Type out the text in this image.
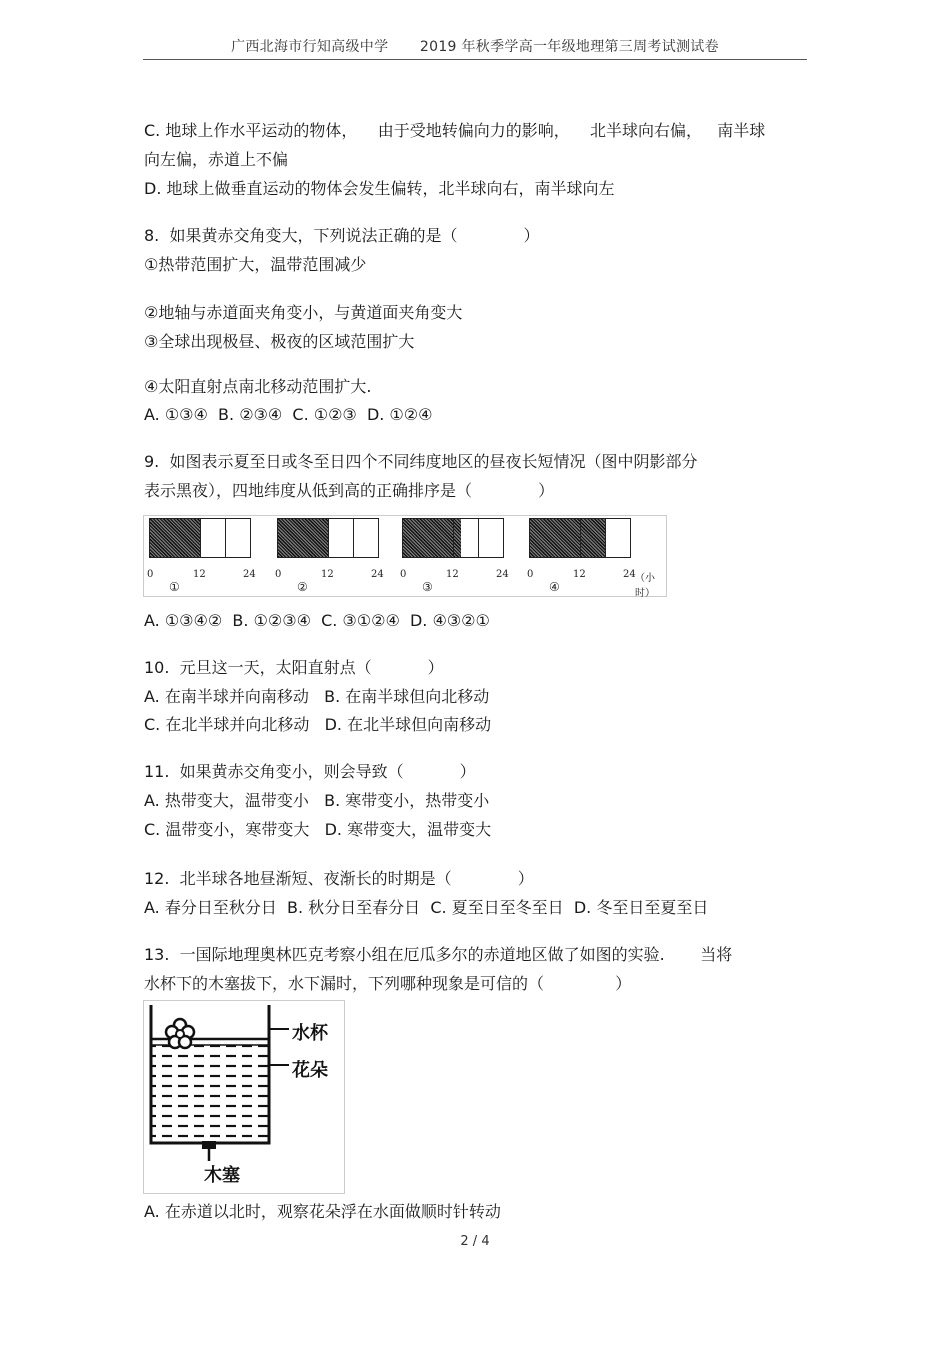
广西北海市行知高级中学 2019 年秋季学高一年级地理第三周考试测试卷
C. 地球上作水平运动的物体，    由于受地转偏向力的影响，    北半球向右偏，   南半球
向左偏，赤道上不偏
D. 地球上做垂直运动的物体会发生偏转，北半球向右，南半球向左
8.  如果黄赤交角变大，下列说法正确的是（             ）
①热带范围扩大，温带范围减少
②地轴与赤道面夹角变小，与黄道面夹角变大
③全球出现极昼、极夜的区域范围扩大
④太阳直射点南北移动范围扩大.
A. ①③④  B. ②③④  C. ①②③  D. ①②④
9.  如图表示夏至日或冬至日四个不同纬度地区的昼夜长短情况（图中阴影部分
表示黑夜），四地纬度从低到高的正确排序是（             ）
0	12	24
①
0	12	24
②
0	12	24
③
0	12	24
④
（小时）
A. ①③④②  B. ①②③④  C. ③①②④  D. ④③②①
10.  元旦这一天，太阳直射点（           ）
A. 在南半球并向南移动   B. 在南半球但向北移动
C. 在北半球并向北移动   D. 在北半球但向南移动
11.  如果黄赤交角变小，则会导致（           ）
A. 热带变大，温带变小   B. 寒带变小，热带变小
C. 温带变小，寒带变大   D. 寒带变大，温带变大
12.  北半球各地昼渐短、夜渐长的时期是（             ）
A. 春分日至秋分日  B. 秋分日至春分日  C. 夏至日至冬至日  D. 冬至日至夏至日
13.  一国际地理奥林匹克考察小组在厄瓜多尔的赤道地区做了如图的实验.       当将
水杯下的木塞拔下，水下漏时，下列哪种现象是可信的（              ）
水杯
花朵
木塞
A. 在赤道以北时，观察花朵浮在水面做顺时针转动
2 / 4
